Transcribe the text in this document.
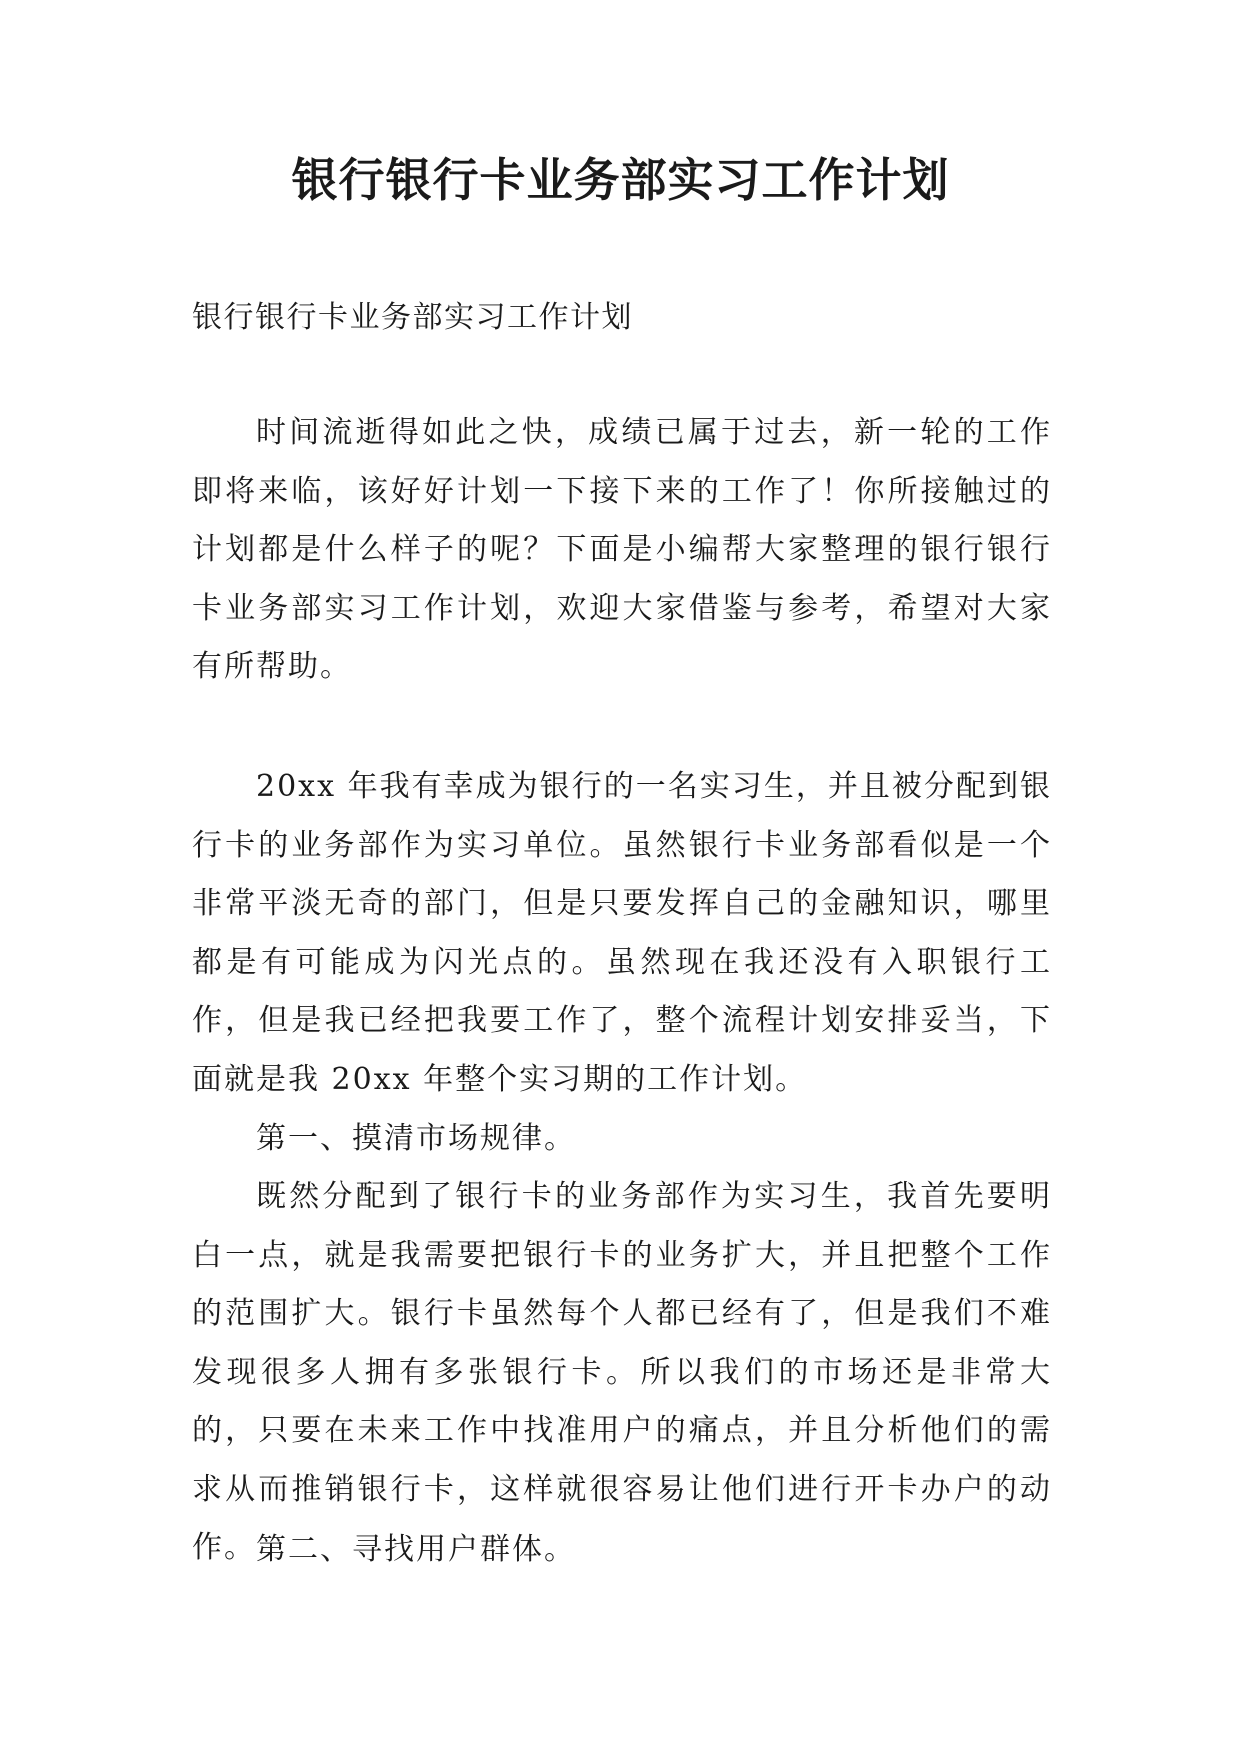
银行银行卡业务部实习工作计划

银行银行卡业务部实习工作计划

时间流逝得如此之快，成绩已属于过去，新一轮的工作即将来临，该好好计划一下接下来的工作了！你所接触过的计划都是什么样子的呢？下面是小编帮大家整理的银行银行卡业务部实习工作计划，欢迎大家借鉴与参考，希望对大家有所帮助。

20xx 年我有幸成为银行的一名实习生，并且被分配到银行卡的业务部作为实习单位。虽然银行卡业务部看似是一个非常平淡无奇的部门，但是只要发挥自己的金融知识，哪里都是有可能成为闪光点的。虽然现在我还没有入职银行工作，但是我已经把我要工作了，整个流程计划安排妥当，下面就是我 20xx 年整个实习期的工作计划。

第一、摸清市场规律。

既然分配到了银行卡的业务部作为实习生，我首先要明白一点，就是我需要把银行卡的业务扩大，并且把整个工作的范围扩大。银行卡虽然每个人都已经有了，但是我们不难发现很多人拥有多张银行卡。所以我们的市场还是非常大的，只要在未来工作中找准用户的痛点，并且分析他们的需求从而推销银行卡，这样就很容易让他们进行开卡办户的动作。 第二、寻找用户群体。
